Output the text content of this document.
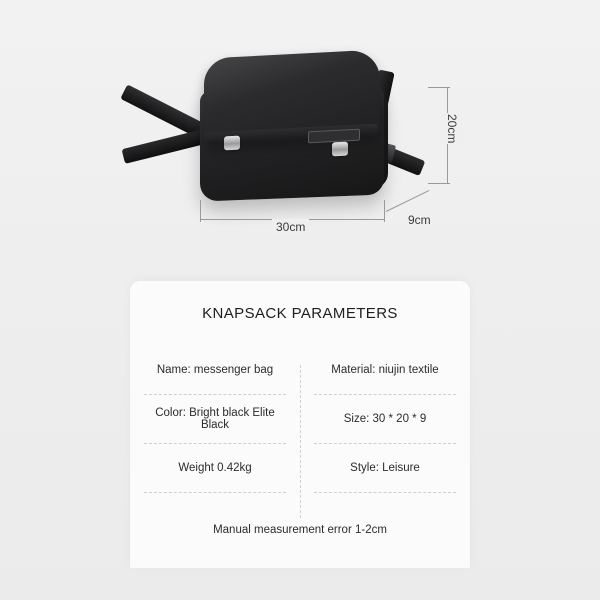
30cm
20cm
9cm
KNAPSACK PARAMETERS
Name: messenger bag	Material: niujin textile
Color: Bright black Elite Black	Size: 30 * 20 * 9
Weight 0.42kg	Style: Leisure
Manual measurement error 1-2cm
